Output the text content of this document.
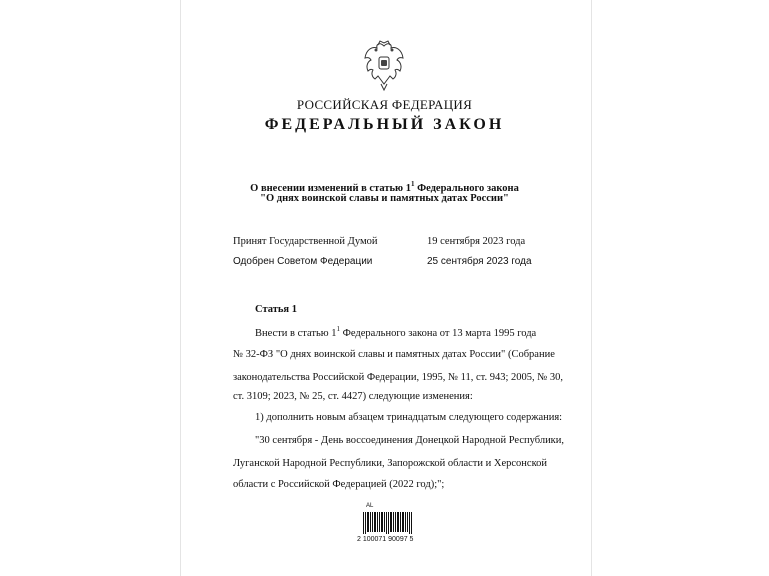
РОССИЙСКАЯ ФЕДЕРАЦИЯ
ФЕДЕРАЛЬНЫЙ ЗАКОН
О внесении изменений в статью $1^1$ Федерального закона
"О днях воинской славы и памятных датах России"
Принят Государственной Думой	19 сентября 2023 года
Одобрен Советом Федерации	25 сентября 2023 года
Статья 1
Внести в статью $1^1$ Федерального закона от 13 марта 1995 года
№ 32-ФЗ "О днях воинской славы и памятных датах России" (Собрание
законодательства Российской Федерации, 1995, № 11, ст. 943; 2005, № 30,
ст. 3109; 2023, № 25, ст. 4427) следующие изменения:
1) дополнить новым абзацем тринадцатым следующего содержания:
"30 сентября - День воссоединения Донецкой Народной Республики,
Луганской Народной Республики, Запорожской области и Херсонской
области с Российской Федерацией (2022 год);";
AL
2 100071 90097 5
